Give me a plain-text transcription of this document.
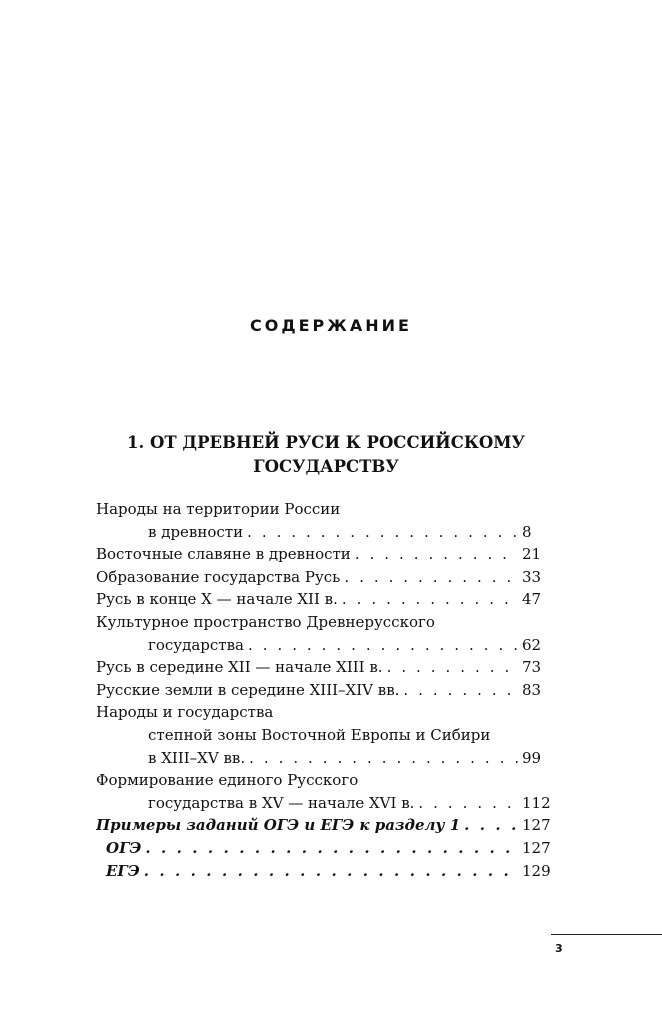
СОДЕРЖАНИЕ
1. ОТ ДРЕВНЕЙ РУСИ К РОССИЙСКОМУ
ГОСУДАРСТВУ
Народы на территории России
в древности . . .	8
Восточные славяне в древности . . .	21
Образование государства Русь . . .	33
Русь в конце X — начале XII в. . . .	47
Культурное пространство Древнерусского
государства . . .	62
Русь в середине XII — начале XIII в. . . .	73
Русские земли в середине XIII–XIV вв. . . .	83
Народы и государства
степной зоны Восточной Европы и Сибири
в XIII–XV вв. . . .	99
Формирование единого Русского
государства в XV — начале XVI в. . . .	112
Примеры заданий ОГЭ и ЕГЭ к разделу 1 . . .	127
ОГЭ . . .	127
ЕГЭ . . .	129
3
